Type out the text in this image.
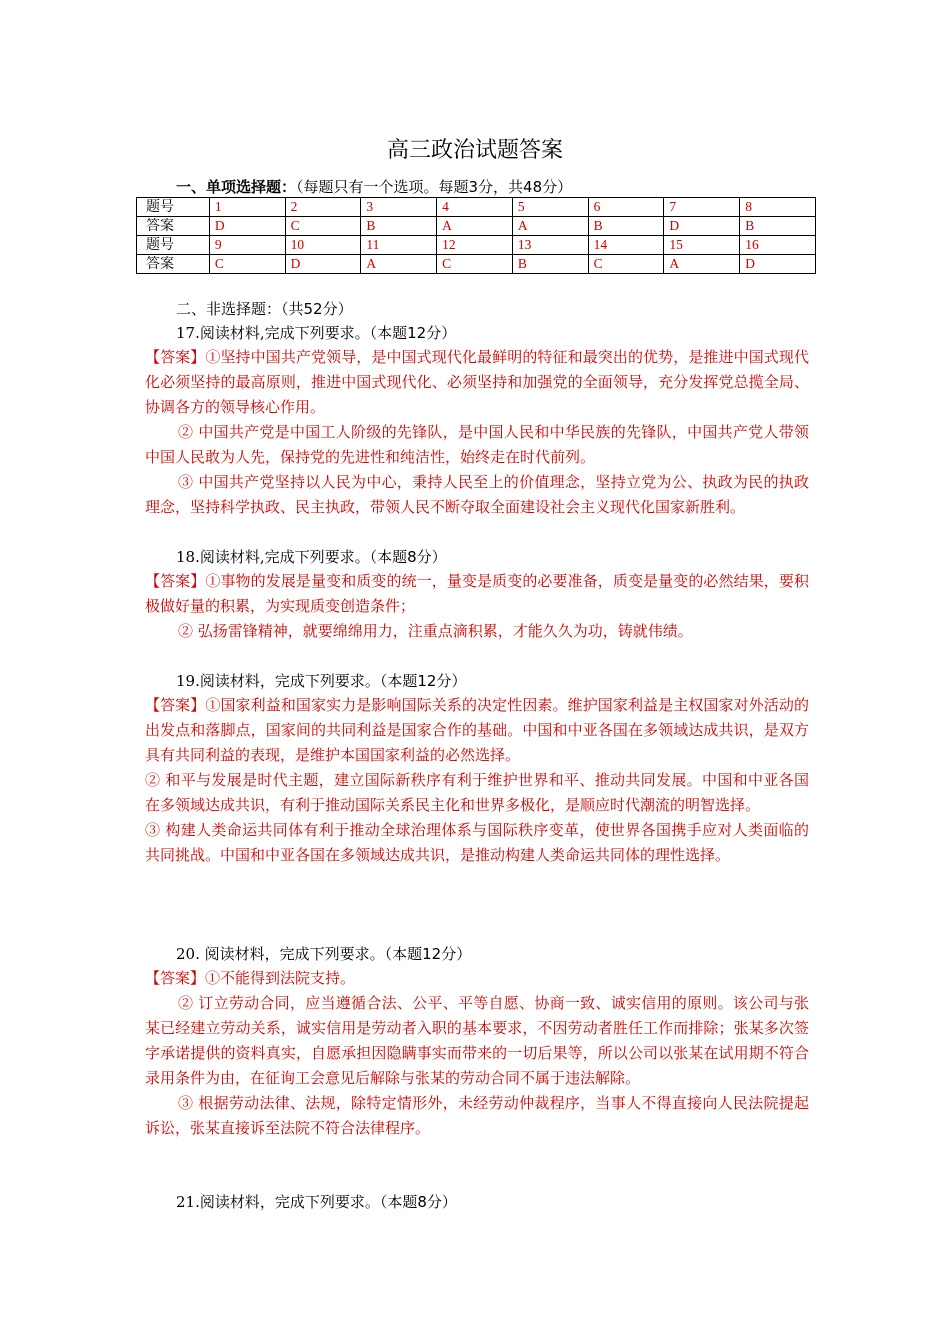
高三政治试题答案
一、单项选择题：（每题只有一个选项。每题3分，共48分）
题号	1	2	3	4	5	6	7	8
答案	D	C	B	A	A	B	D	B
题号	9	10	11	12	13	14	15	16
答案	C	D	A	C	B	C	A	D
二、非选择题：（共52分）
17.阅读材料,完成下列要求。（本题12分）

【答案】①坚持中国共产党领导，是中国式现代化最鲜明的特征和最突出的优势，是推进中国式现代化必须坚持的最高原则，推进中国式现代化、必须坚持和加强党的全面领导，充分发挥党总揽全局、协调各方的领导核心作用。

② 中国共产党是中国工人阶级的先锋队，是中国人民和中华民族的先锋队，中国共产党人带领中国人民敢为人先，保持党的先进性和纯洁性，始终走在时代前列。

③ 中国共产党坚持以人民为中心，秉持人民至上的价值理念，坚持立党为公、执政为民的执政理念，坚持科学执政、民主执政，带领人民不断夺取全面建设社会主义现代化国家新胜利。

18.阅读材料,完成下列要求。（本题8分）

【答案】①事物的发展是量变和质变的统一，量变是质变的必要准备，质变是量变的必然结果，要积极做好量的积累，为实现质变创造条件；

② 弘扬雷锋精神，就要绵绵用力，注重点滴积累，才能久久为功，铸就伟绩。

19.阅读材料，完成下列要求。（本题12分）

【答案】①国家利益和国家实力是影响国际关系的决定性因素。维护国家利益是主权国家对外活动的出发点和落脚点，国家间的共同利益是国家合作的基础。中国和中亚各国在多领域达成共识，是双方具有共同利益的表现，是维护本国国家利益的必然选择。

② 和平与发展是时代主题，建立国际新秩序有利于维护世界和平、推动共同发展。中国和中亚各国在多领域达成共识，有利于推动国际关系民主化和世界多极化，是顺应时代潮流的明智选择。

③ 构建人类命运共同体有利于推动全球治理体系与国际秩序变革，使世界各国携手应对人类面临的共同挑战。中国和中亚各国在多领域达成共识，是推动构建人类命运共同体的理性选择。

20. 阅读材料，完成下列要求。（本题12分）

【答案】①不能得到法院支持。

② 订立劳动合同，应当遵循合法、公平、平等自愿、协商一致、诚实信用的原则。该公司与张某已经建立劳动关系，诚实信用是劳动者入职的基本要求，不因劳动者胜任工作而排除；张某多次签字承诺提供的资料真实，自愿承担因隐瞒事实而带来的一切后果等，所以公司以张某在试用期不符合录用条件为由，在征询工会意见后解除与张某的劳动合同不属于违法解除。

③ 根据劳动法律、法规，除特定情形外，未经劳动仲裁程序，当事人不得直接向人民法院提起诉讼，张某直接诉至法院不符合法律程序。

21.阅读材料，完成下列要求。（本题8分）
